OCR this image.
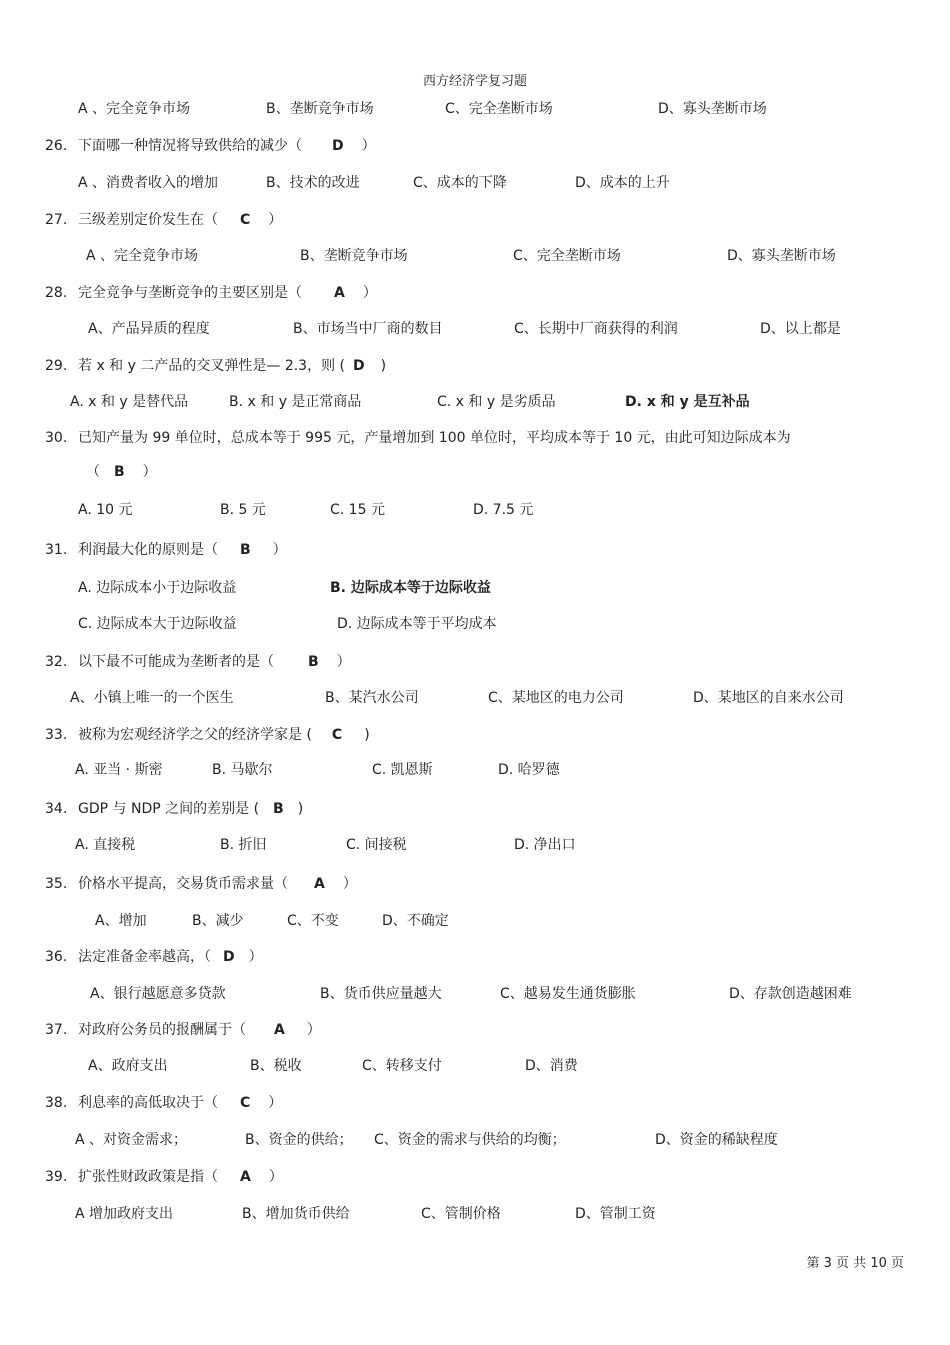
西方经济学复习题
A 、完全竞争市场	B、垄断竞争市场	C、完全垄断市场	D、寡头垄断市场
26. 下面哪一种情况将导致供给的减少（ D ）
A 、消费者收入的增加	B、技术的改进	C、成本的下降	D、成本的上升
27. 三级差别定价发生在（ C ）
A 、完全竞争市场	B、垄断竞争市场	C、完全垄断市场	D、寡头垄断市场
28. 完全竞争与垄断竞争的主要区别是（ A ）
A、产品异质的程度	B、市场当中厂商的数目	C、长期中厂商获得的利润	D、以上都是
29. 若 x 和 y 二产品的交叉弹性是— 2.3，则 ( D )
A. x 和 y 是替代品	B. x 和 y 是正常商品	C. x 和 y 是劣质品	D. x 和 y 是互补品
30. 已知产量为 99 单位时，总成本等于 995 元，产量增加到 100 单位时，平均成本等于 10 元，由此可知边际成本为
（ B ）
A. 10 元	B. 5 元	C. 15 元	D. 7.5 元
31. 利润最大化的原则是（ B ）
A. 边际成本小于边际收益	B. 边际成本等于边际收益
C. 边际成本大于边际收益	D. 边际成本等于平均成本
32. 以下最不可能成为垄断者的是（ B ）
A、小镇上唯一的一个医生	B、某汽水公司	C、某地区的电力公司	D、某地区的自来水公司
33. 被称为宏观经济学之父的经济学家是 ( C )
A. 亚当 · 斯密	B. 马歇尔	C. 凯恩斯	D. 哈罗德
34. GDP 与 NDP 之间的差别是 ( B )
A. 直接税	B. 折旧	C. 间接税	D. 净出口
35. 价格水平提高，交易货币需求量（ A ）
A、增加	B、减少	C、不变	D、不确定
36. 法定准备金率越高，（ D ）
A、银行越愿意多贷款	B、货币供应量越大	C、越易发生通货膨胀	D、存款创造越困难
37. 对政府公务员的报酬属于（ A ）
A、政府支出	B、税收	C、转移支付	D、消费
38. 利息率的高低取决于（ C ）
A 、对资金需求；	B、资金的供给； C、资金的需求与供给的均衡；	D、资金的稀缺程度
39. 扩张性财政政策是指（ A ）
A 增加政府支出	B、增加货币供给	C、管制价格	D、管制工资
第 3 页 共 10 页
